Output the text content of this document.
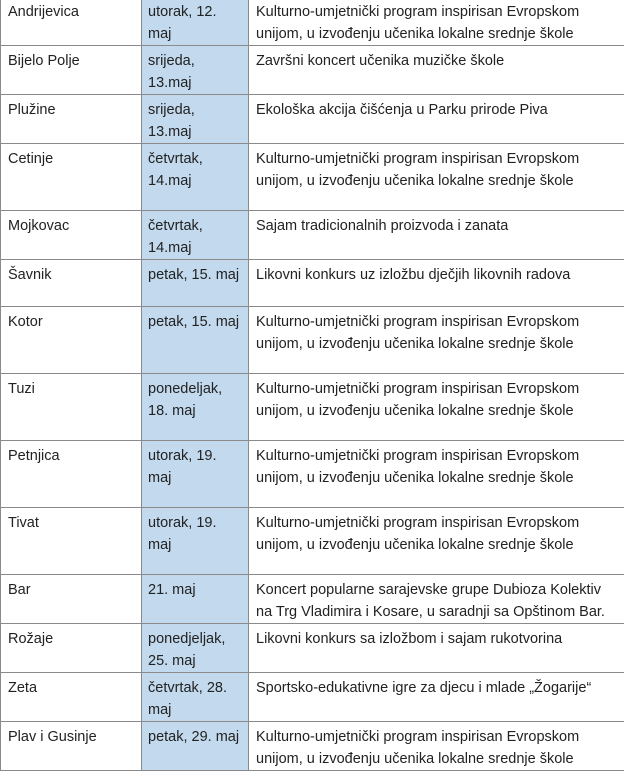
Andrijevica	utorak, 12. maj	Kulturno-umjetnički program inspirisan Evropskom unijom, u izvođenju učenika lokalne srednje škole
Bijelo Polje	srijeda, 13.maj	Završni koncert učenika muzičke škole
Plužine	srijeda, 13.maj	Ekološka akcija čišćenja u Parku prirode Piva
Cetinje	četvrtak, 14.maj	Kulturno-umjetnički program inspirisan Evropskom unijom, u izvođenju učenika lokalne srednje škole
Mojkovac	četvrtak, 14.maj	Sajam tradicionalnih proizvoda i zanata
Šavnik	petak, 15. maj	Likovni konkurs uz izložbu dječjih likovnih radova
Kotor	petak, 15. maj	Kulturno-umjetnički program inspirisan Evropskom unijom, u izvođenju učenika lokalne srednje škole
Tuzi	ponedeljak, 18. maj	Kulturno-umjetnički program inspirisan Evropskom unijom, u izvođenju učenika lokalne srednje škole
Petnjica	utorak, 19. maj	Kulturno-umjetnički program inspirisan Evropskom unijom, u izvođenju učenika lokalne srednje škole
Tivat	utorak, 19. maj	Kulturno-umjetnički program inspirisan Evropskom unijom, u izvođenju učenika lokalne srednje škole
Bar	21. maj	Koncert popularne sarajevske grupe Dubioza Kolektiv na Trg Vladimira i Kosare, u saradnji sa Opštinom Bar.
Rožaje	ponedjeljak, 25. maj	Likovni konkurs sa izložbom i sajam rukotvorina
Zeta	četvrtak, 28. maj	Sportsko-edukativne igre za djecu i mlade „Žogarije“
Plav i Gusinje	petak, 29. maj	Kulturno-umjetnički program inspirisan Evropskom unijom, u izvođenju učenika lokalne srednje škole
